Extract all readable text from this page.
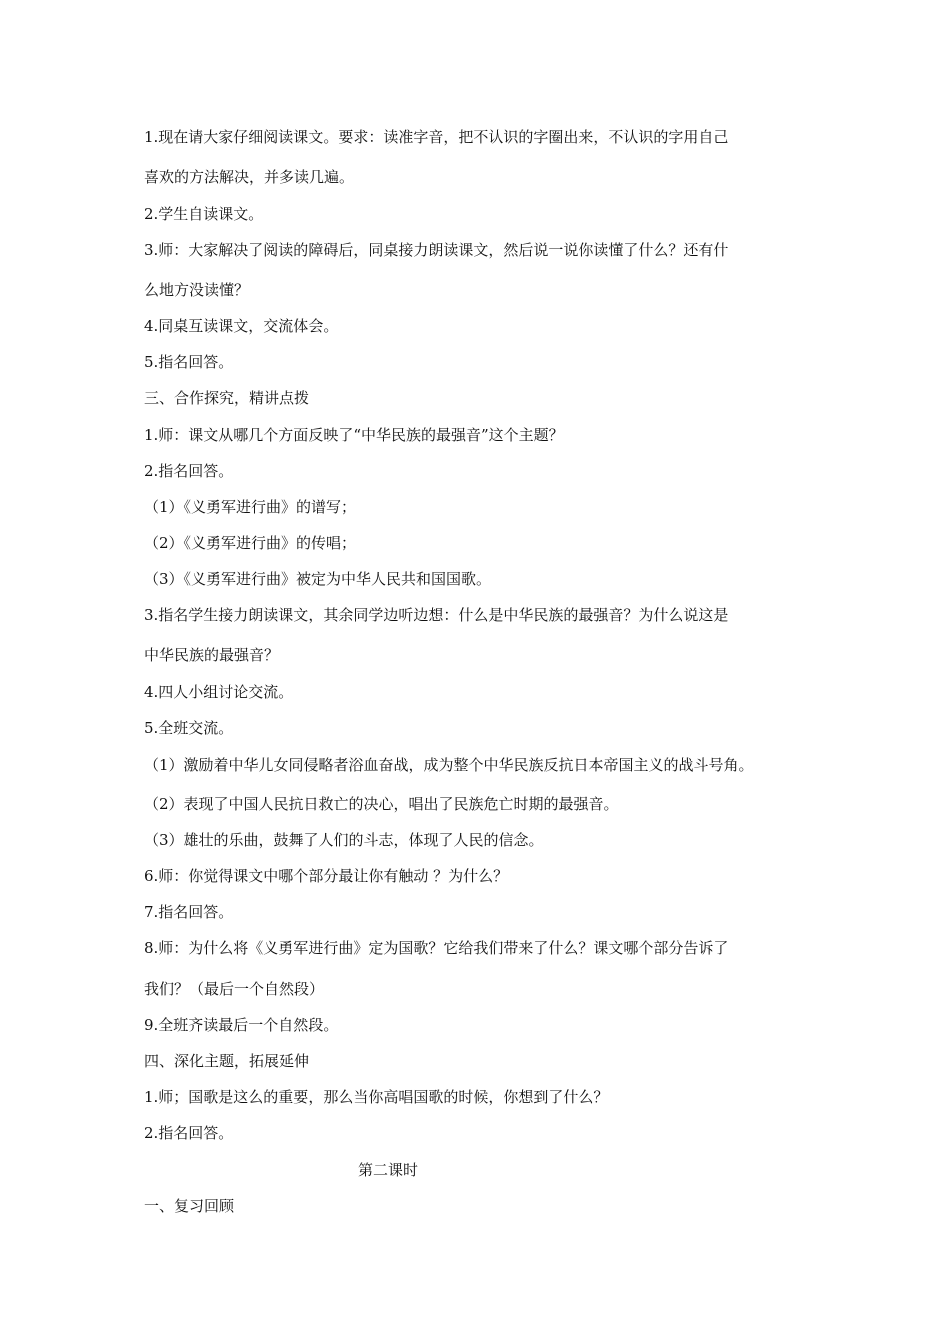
1.现在请大家仔细阅读课文。要求：读准字音，把不认识的字圈出来，不认识的字用自己
喜欢的方法解决，并多读几遍。
2.学生自读课文。
3.师：大家解决了阅读的障碍后，同桌接力朗读课文，然后说一说你读懂了什么？还有什
么地方没读懂？
4.同桌互读课文，交流体会。
5.指名回答。
三、合作探究，精讲点拨
1.师：课文从哪几个方面反映了“中华民族的最强音”这个主题？
2.指名回答。
（1）《义勇军进行曲》的谱写；
（2）《义勇军进行曲》的传唱；
（3）《义勇军进行曲》被定为中华人民共和国国歌。
3.指名学生接力朗读课文，其余同学边听边想：什么是中华民族的最强音？为什么说这是
中华民族的最强音？
4.四人小组讨论交流。
5.全班交流。
（1）激励着中华儿女同侵略者浴血奋战，成为整个中华民族反抗日本帝国主义的战斗号角。
（2）表现了中国人民抗日救亡的决心，唱出了民族危亡时期的最强音。
（3）雄壮的乐曲，鼓舞了人们的斗志，体现了人民的信念。
6.师：你觉得课文中哪个部分最让你有触动 ？为什么？
7.指名回答。
8.师：为什么将《义勇军进行曲》定为国歌？它给我们带来了什么？课文哪个部分告诉了
我们？（最后一个自然段）
9.全班齐读最后一个自然段。
四、深化主题，拓展延伸
1.师；国歌是这么的重要，那么当你高唱国歌的时候，你想到了什么？
2.指名回答。
第二课时
一、复习回顾
